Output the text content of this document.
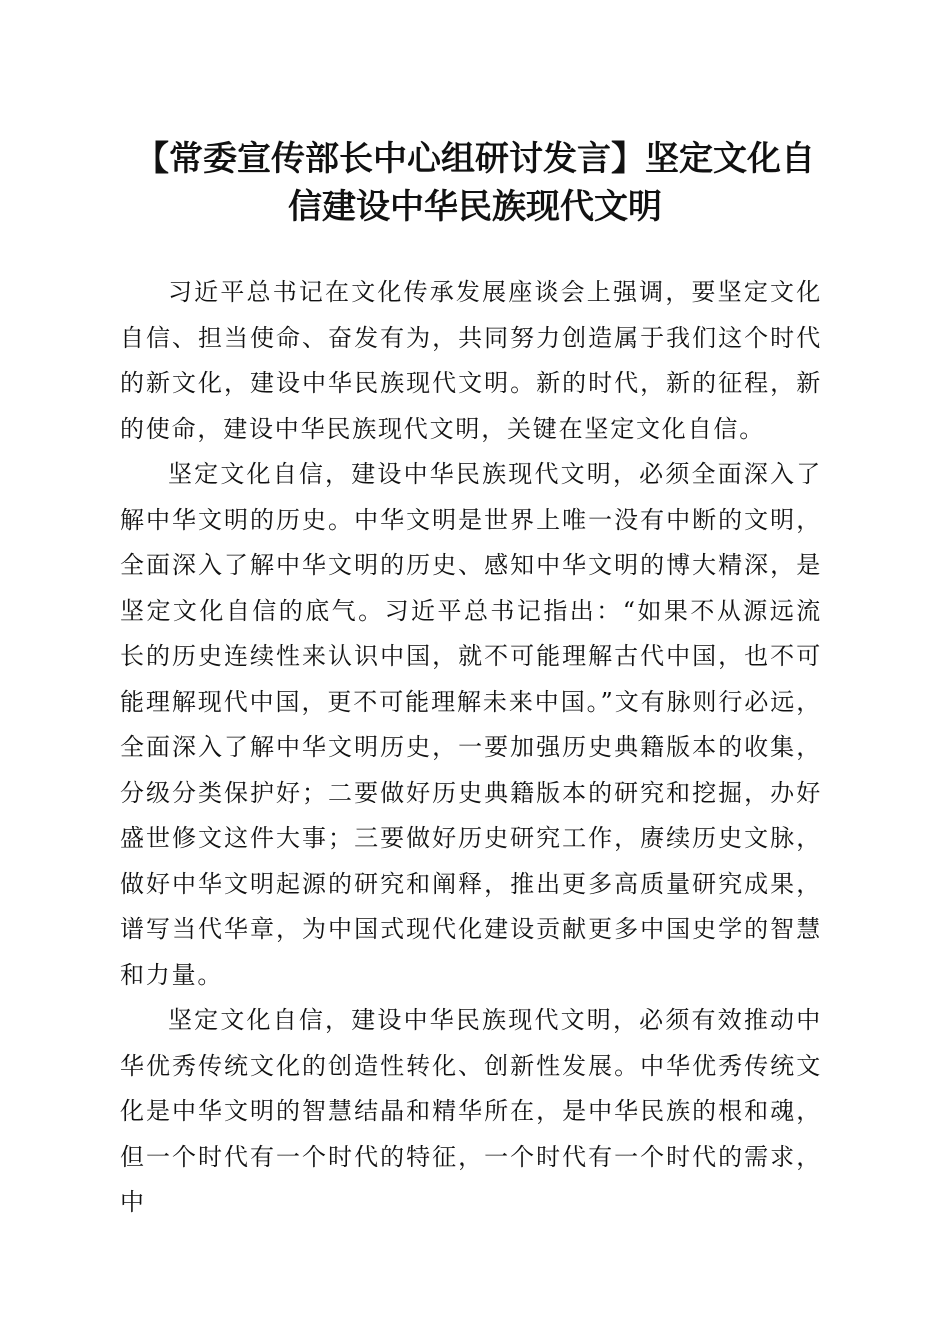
【常委宣传部长中心组研讨发言】坚定文化自信建设中华民族现代文明

习近平总书记在文化传承发展座谈会上强调，要坚定文化自信、担当使命、奋发有为，共同努力创造属于我们这个时代的新文化，建设中华民族现代文明。新的时代，新的征程，新的使命，建设中华民族现代文明，关键在坚定文化自信。

坚定文化自信，建设中华民族现代文明，必须全面深入了解中华文明的历史。中华文明是世界上唯一没有中断的文明，全面深入了解中华文明的历史、感知中华文明的博大精深，是坚定文化自信的底气。习近平总书记指出：“如果不从源远流长的历史连续性来认识中国，就不可能理解古代中国，也不可能理解现代中国，更不可能理解未来中国。”文有脉则行必远，全面深入了解中华文明历史，一要加强历史典籍版本的收集，分级分类保护好；二要做好历史典籍版本的研究和挖掘，办好盛世修文这件大事；三要做好历史研究工作，赓续历史文脉，做好中华文明起源的研究和阐释，推出更多高质量研究成果，谱写当代华章，为中国式现代化建设贡献更多中国史学的智慧和力量。

坚定文化自信，建设中华民族现代文明，必须有效推动中华优秀传统文化的创造性转化、创新性发展。中华优秀传统文化是中华文明的智慧结晶和精华所在，是中华民族的根和魂，但一个时代有一个时代的特征，一个时代有一个时代的需求，中
